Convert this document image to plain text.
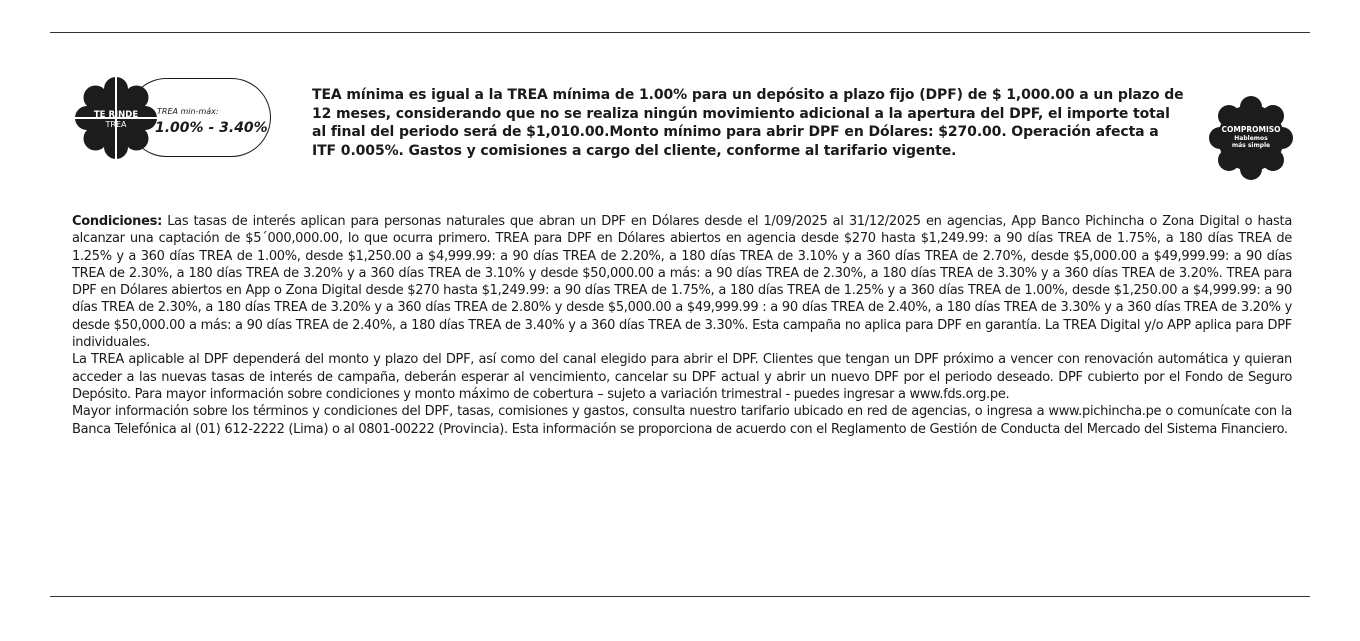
TREA min-máx:
1.00% - 3.40%
TE RINDE
TREA

TEA mínima es igual a la TREA mínima de 1.00% para un depósito a plazo fijo (DPF) de $ 1,000.00 a un plazo de 12 meses, considerando que no se realiza ningún movimiento adicional a la apertura del DPF, el importe total al final del periodo será de $1,010.00.Monto mínimo para abrir DPF en Dólares: $270.00. Operación afecta a ITF 0.005%. Gastos y comisiones a cargo del cliente, conforme al tarifario vigente.

COMPROMISO
Hablemos
más simple

Condiciones: Las tasas de interés aplican para personas naturales que abran un DPF en Dólares desde el 1/09/2025 al 31/12/2025 en agencias, App Banco Pichincha o Zona Digital o hasta alcanzar una captación de $5´000,000.00, lo que ocurra primero. TREA para DPF en Dólares abiertos en agencia desde $270 hasta $1,249.99: a 90 días TREA de 1.75%, a 180 días TREA de 1.25% y a 360 días TREA de 1.00%, desde $1,250.00 a $4,999.99: a 90 días TREA de 2.20%, a 180 días TREA de 3.10% y a 360 días TREA de 2.70%, desde $5,000.00 a $49,999.99: a 90 días TREA de 2.30%, a 180 días TREA de 3.20% y a 360 días TREA de 3.10% y desde $50,000.00 a más: a 90 días TREA de 2.30%, a 180 días TREA de 3.30% y a 360 días TREA de 3.20%. TREA para DPF en Dólares abiertos en App o Zona Digital desde $270 hasta $1,249.99: a 90 días TREA de 1.75%, a 180 días TREA de 1.25% y a 360 días TREA de 1.00%, desde $1,250.00 a $4,999.99: a 90 días TREA de 2.30%, a 180 días TREA de 3.20% y a 360 días TREA de 2.80% y desde $5,000.00 a $49,999.99 : a 90 días TREA de 2.40%, a 180 días TREA de 3.30% y a 360 días TREA de 3.20% y desde $50,000.00 a más: a 90 días TREA de 2.40%, a 180 días TREA de 3.40% y a 360 días TREA de 3.30%. Esta campaña no aplica para DPF en garantía. La TREA Digital y/o APP aplica para DPF individuales.

La TREA aplicable al DPF dependerá del monto y plazo del DPF, así como del canal elegido para abrir el DPF. Clientes que tengan un DPF próximo a vencer con renovación automática y quieran acceder a las nuevas tasas de interés de campaña, deberán esperar al vencimiento, cancelar su DPF actual y abrir un nuevo DPF por el periodo deseado. DPF cubierto por el Fondo de Seguro Depósito. Para mayor información sobre condiciones y monto máximo de cobertura – sujeto a variación trimestral - puedes ingresar a www.fds.org.pe.

Mayor información sobre los términos y condiciones del DPF, tasas, comisiones y gastos, consulta nuestro tarifario ubicado en red de agencias, o ingresa a www.pichincha.pe o comunícate con la Banca Telefónica al (01) 612-2222 (Lima) o al 0801-00222 (Provincia). Esta información se proporciona de acuerdo con el Reglamento de Gestión de Conducta del Mercado del Sistema Financiero.
